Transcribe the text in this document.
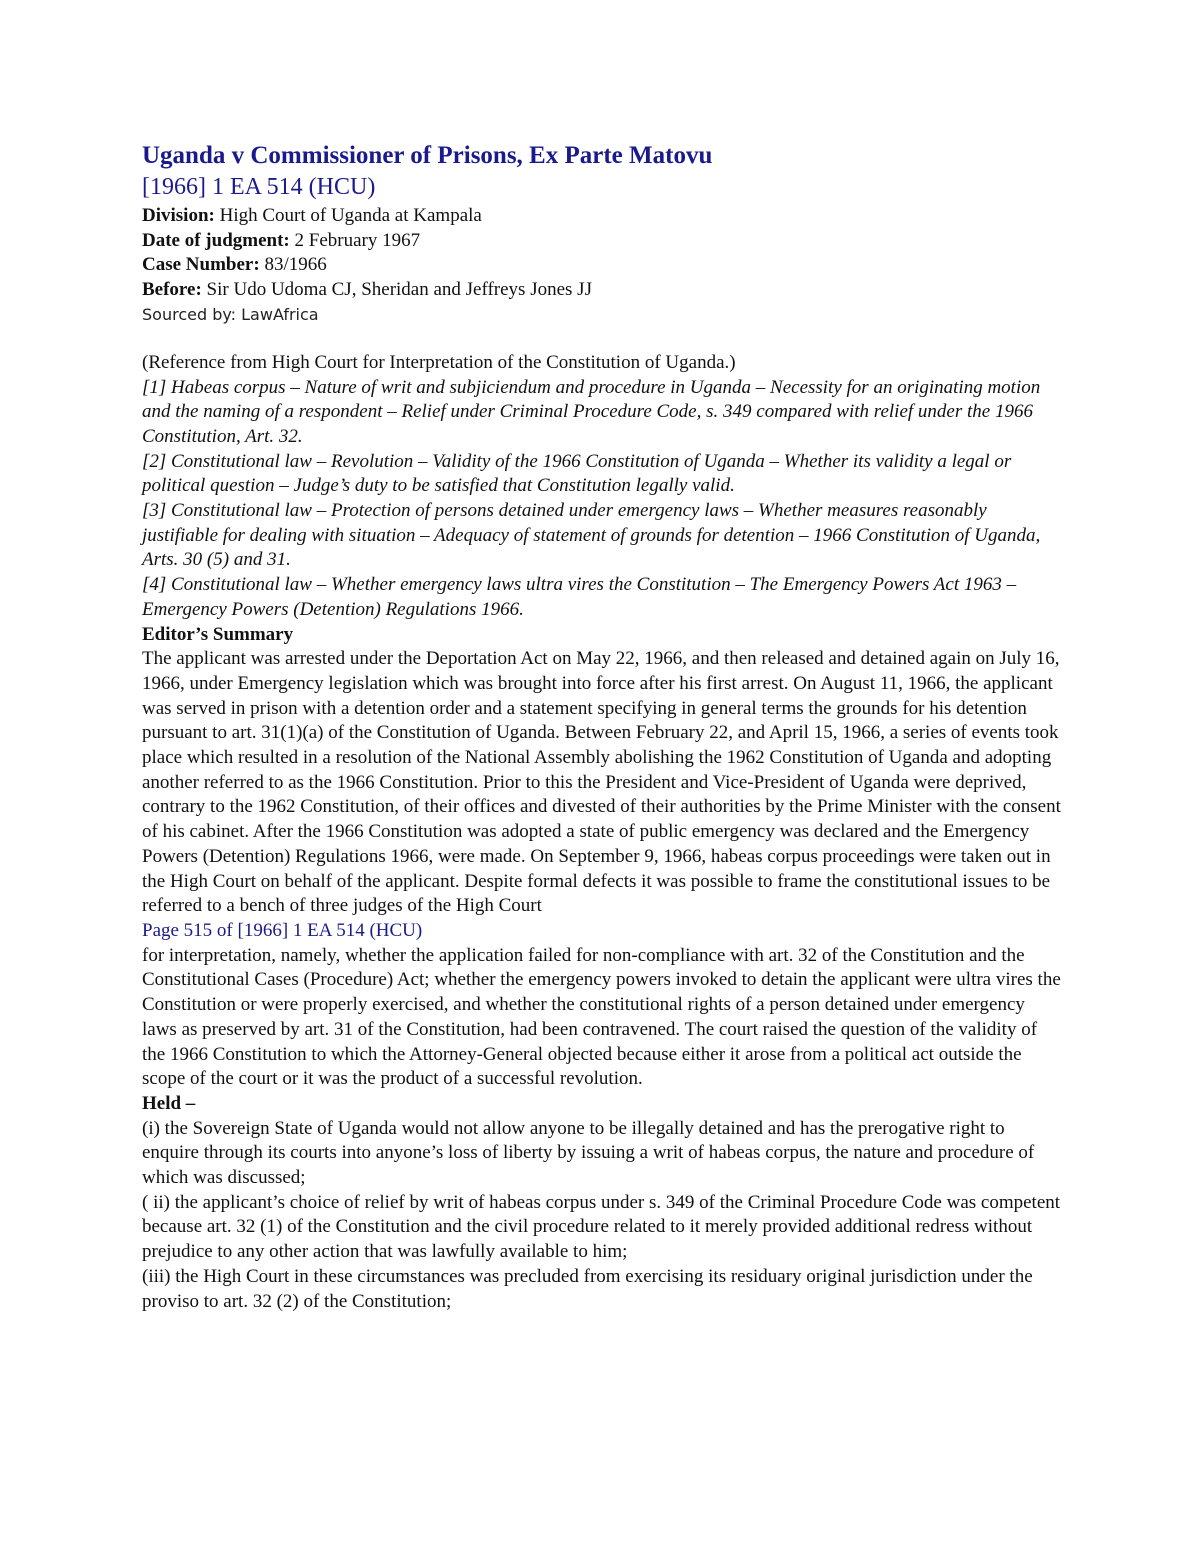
Uganda v Commissioner of Prisons, Ex Parte Matovu

[1966] 1 EA 514 (HCU)

Division: High Court of Uganda at Kampala

Date of judgment: 2 February 1967

Case Number: 83/1966

Before: Sir Udo Udoma CJ, Sheridan and Jeffreys Jones JJ

Sourced by: LawAfrica

(Reference from High Court for Interpretation of the Constitution of Uganda.)

[1] Habeas corpus – Nature of writ and subjiciendum and procedure in Uganda – Necessity for an originating motion and the naming of a respondent – Relief under Criminal Procedure Code, s. 349 compared with relief under the 1966 Constitution, Art. 32.

[2] Constitutional law – Revolution – Validity of the 1966 Constitution of Uganda – Whether its validity a legal or political question – Judge’s duty to be satisfied that Constitution legally valid.

[3] Constitutional law – Protection of persons detained under emergency laws – Whether measures reasonably justifiable for dealing with situation – Adequacy of statement of grounds for detention – 1966 Constitution of Uganda, Arts. 30 (5) and 31.

[4] Constitutional law – Whether emergency laws ultra vires the Constitution – The Emergency Powers Act 1963 – Emergency Powers (Detention) Regulations 1966.

Editor’s Summary

The applicant was arrested under the Deportation Act on May 22, 1966, and then released and detained again on July 16, 1966, under Emergency legislation which was brought into force after his first arrest. On August 11, 1966, the applicant was served in prison with a detention order and a statement specifying in general terms the grounds for his detention pursuant to art. 31(1)(a) of the Constitution of Uganda. Between February 22, and April 15, 1966, a series of events took place which resulted in a resolution of the National Assembly abolishing the 1962 Constitution of Uganda and adopting another referred to as the 1966 Constitution. Prior to this the President and Vice-President of Uganda were deprived, contrary to the 1962 Constitution, of their offices and divested of their authorities by the Prime Minister with the consent of his cabinet. After the 1966 Constitution was adopted a state of public emergency was declared and the Emergency Powers (Detention) Regulations 1966, were made. On September 9, 1966, habeas corpus proceedings were taken out in the High Court on behalf of the applicant. Despite formal defects it was possible to frame the constitutional issues to be referred to a bench of three judges of the High Court

Page 515 of [1966] 1 EA 514 (HCU)

for interpretation, namely, whether the application failed for non-compliance with art. 32 of the Constitution and the Constitutional Cases (Procedure) Act; whether the emergency powers invoked to detain the applicant were ultra vires the Constitution or were properly exercised, and whether the constitutional rights of a person detained under emergency laws as preserved by art. 31 of the Constitution, had been contravened. The court raised the question of the validity of the 1966 Constitution to which the Attorney-General objected because either it arose from a political act outside the scope of the court or it was the product of a successful revolution.

Held –

(i) the Sovereign State of Uganda would not allow anyone to be illegally detained and has the prerogative right to enquire through its courts into anyone’s loss of liberty by issuing a writ of habeas corpus, the nature and procedure of which was discussed;

( ii) the applicant’s choice of relief by writ of habeas corpus under s. 349 of the Criminal Procedure Code was competent because art. 32 (1) of the Constitution and the civil procedure related to it merely provided additional redress without prejudice to any other action that was lawfully available to him;

(iii) the High Court in these circumstances was precluded from exercising its residuary original jurisdiction under the proviso to art. 32 (2) of the Constitution;
